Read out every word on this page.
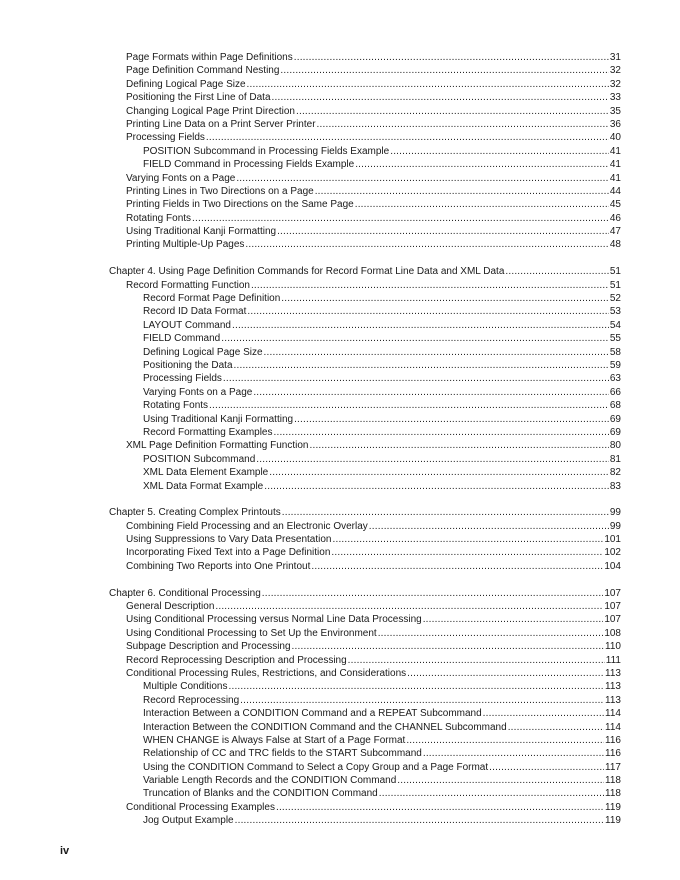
Page Formats within Page Definitions .....	31
Page Definition Command Nesting .....	32
Defining Logical Page Size .....	32
Positioning the First Line of Data .....	33
Changing Logical Page Print Direction .....	35
Printing Line Data on a Print Server Printer .....	36
Processing Fields .....	40
POSITION Subcommand in Processing Fields Example .....	41
FIELD Command in Processing Fields Example .....	41
Varying Fonts on a Page .....	41
Printing Lines in Two Directions on a Page .....	44
Printing Fields in Two Directions on the Same Page .....	45
Rotating Fonts .....	46
Using Traditional Kanji Formatting .....	47
Printing Multiple-Up Pages .....	48
Chapter 4. Using Page Definition Commands for Record Format Line Data and XML Data .....	51
Record Formatting Function .....	51
Record Format Page Definition .....	52
Record ID Data Format .....	53
LAYOUT Command .....	54
FIELD Command .....	55
Defining Logical Page Size .....	58
Positioning the Data .....	59
Processing Fields .....	63
Varying Fonts on a Page .....	66
Rotating Fonts .....	68
Using Traditional Kanji Formatting .....	69
Record Formatting Examples .....	69
XML Page Definition Formatting Function .....	80
POSITION Subcommand .....	81
XML Data Element Example .....	82
XML Data Format Example .....	83
Chapter 5. Creating Complex Printouts .....	99
Combining Field Processing and an Electronic Overlay .....	99
Using Suppressions to Vary Data Presentation .....	101
Incorporating Fixed Text into a Page Definition .....	102
Combining Two Reports into One Printout .....	104
Chapter 6. Conditional Processing .....	107
General Description .....	107
Using Conditional Processing versus Normal Line Data Processing .....	107
Using Conditional Processing to Set Up the Environment .....	108
Subpage Description and Processing .....	110
Record Reprocessing Description and Processing .....	111
Conditional Processing Rules, Restrictions, and Considerations .....	113
Multiple Conditions .....	113
Record Reprocessing .....	113
Interaction Between a CONDITION Command and a REPEAT Subcommand .....	114
Interaction Between the CONDITION Command and the CHANNEL Subcommand .....	114
WHEN CHANGE is Always False at Start of a Page Format .....	116
Relationship of CC and TRC fields to the START Subcommand .....	116
Using the CONDITION Command to Select a Copy Group and a Page Format .....	117
Variable Length Records and the CONDITION Command .....	118
Truncation of Blanks and the CONDITION Command .....	118
Conditional Processing Examples .....	119
Jog Output Example .....	119
iv
